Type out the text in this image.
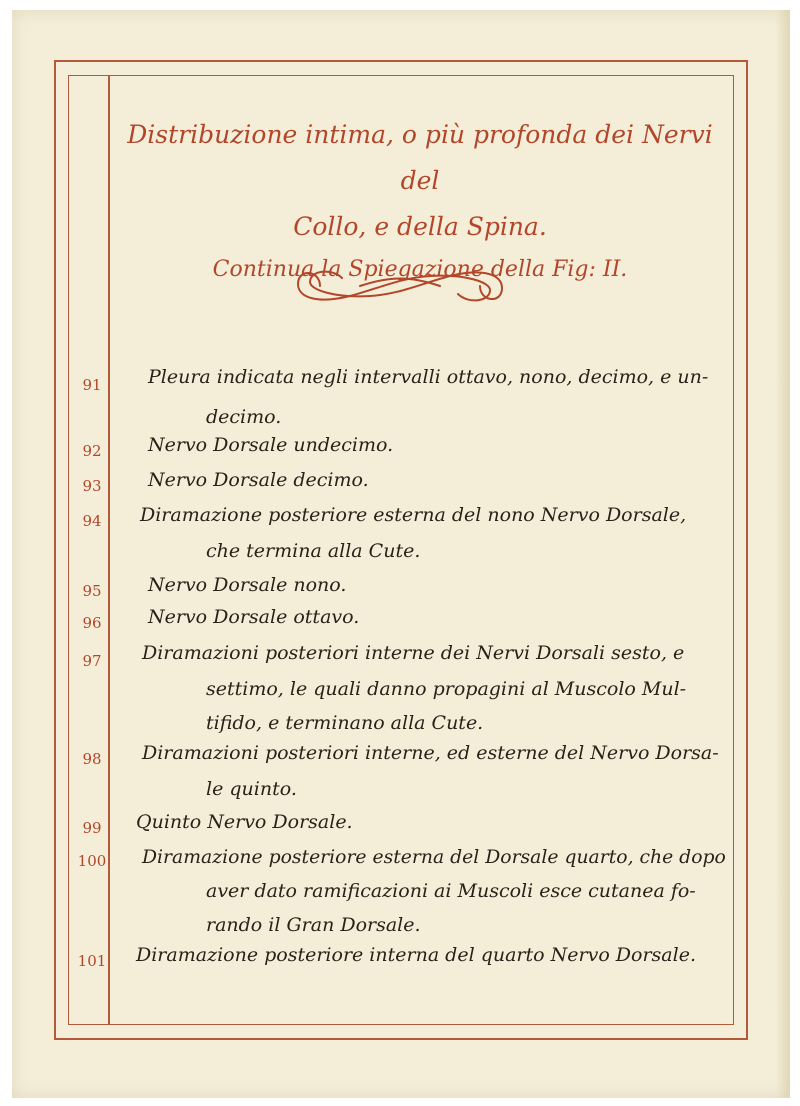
Distribuzione intima, o più profonda dei Nervi del
Collo, e della Spina.
Continua la Spiegazione della Fig: II.
91	Pleura indicata negli intervalli ottavo, nono, decimo, e un-
decimo.
92	Nervo Dorsale undecimo.
93	Nervo Dorsale decimo.
94	Diramazione posteriore esterna del nono Nervo Dorsale,
che termina alla Cute.
95	Nervo Dorsale nono.
96	Nervo Dorsale ottavo.
97	Diramazioni posteriori interne dei Nervi Dorsali sesto, e
settimo, le quali danno propagini al Muscolo Mul-
tifido, e terminano alla Cute.
98	Diramazioni posteriori interne, ed esterne del Nervo Dorsa-
le quinto.
99	Quinto Nervo Dorsale.
100 Diramazione posteriore esterna del Dorsale quarto, che dopo
aver dato ramificazioni ai Muscoli esce cutanea fo-
rando il Gran Dorsale.
101 Diramazione posteriore interna del quarto Nervo Dorsale.
